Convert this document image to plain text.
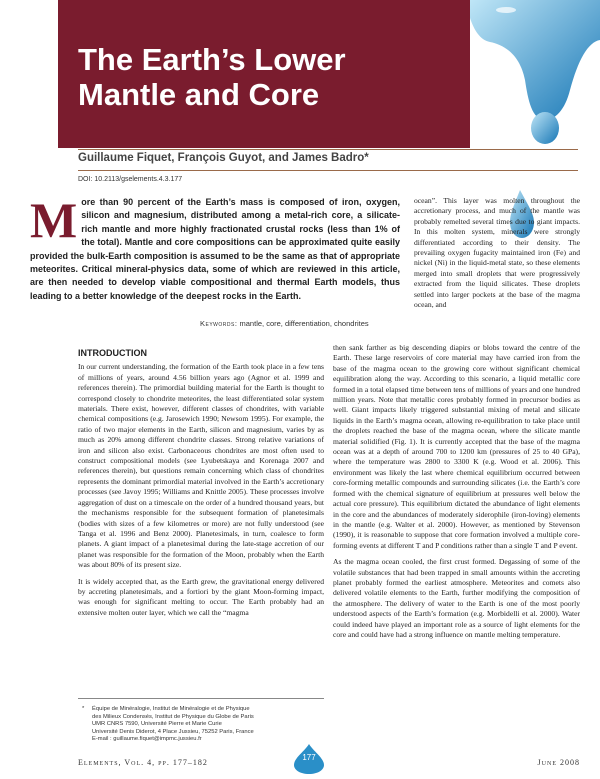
The Earth’s Lower
Mantle and Core
Guillaume Fiquet, François Guyot, and James Badro*
DOI: 10.2113/gselements.4.3.177
M ore than 90 percent of the Earth’s mass is composed of iron, oxygen, silicon and magnesium, distributed among a metal-rich core, a silicate-rich mantle and more highly fractionated crustal rocks (less than 1% of the total). Mantle and core compositions can be approximated quite easily provided the bulk-Earth composition is assumed to be the same as that of appropriate meteorites. Critical mineral-physics data, some of which are reviewed in this article, are then needed to develop viable compositional and thermal Earth models, thus leading to a better knowledge of the deepest rocks in the Earth.
Keywords: mantle, core, differentiation, chondrites

ocean”. This layer was molten throughout the accretionary process, and much of the mantle was probably remelted several times due to giant impacts. In this molten system, minerals were strongly differentiated according to their density. The prevailing oxygen fugacity maintained iron (Fe) and nickel (Ni) in the liquid-metal state, so these elements merged into small droplets that were progressively extracted from the liquid silicates. These droplets settled into larger pockets at the base of the magma ocean, and

INTRODUCTION

In our current understanding, the formation of the Earth took place in a few tens of millions of years, around 4.56 billion years ago (Agnor et al. 1999 and references therein). The primordial building material for the Earth is thought to correspond closely to chondrite meteorites, the least differentiated solar system materials. There exist, however, different classes of chondrites, with variable chemical compositions (e.g. Jarosewich 1990; Newsom 1995). For example, the ratio of two major elements in the Earth, silicon and magnesium, varies by as much as 20% among different chondrite classes. Strong relative variations of iron and silicon also exist. Carbonaceous chondrites are most often used to construct compositional models (see Lyubetskaya and Korenaga 2007 and references therein), but questions remain concerning which class of chondrites represents the dominant primordial material involved in the Earth’s accretionary processes (see Javoy 1995; Williams and Knittle 2005). These processes involve aggregation of dust on a timescale on the order of a hundred thousand years, but the mechanisms responsible for the subsequent formation of planetesimals (bodies with sizes of a few kilometres or more) are not fully understood (see Tanga et al. 1996 and Benz 2000). Planetesimals, in turn, coalesce to form planets. A giant impact of a planetesimal during the late-stage accretion of our planet was responsible for the formation of the Moon, probably when the Earth was about 80% of its present size.

It is widely accepted that, as the Earth grew, the gravitational energy delivered by accreting planetesimals, and a fortiori by the giant Moon-forming impact, was enough for significant melting to occur. The Earth probably had an extensive molten outer layer, which we call the “magma

then sank farther as big descending diapirs or blobs toward the centre of the Earth. These large reservoirs of core material may have carried iron from the base of the magma ocean to the growing core without significant chemical equilibration along the way. According to this scenario, a liquid metallic core formed in a total elapsed time between tens of millions of years and one hundred million years. Note that metallic cores probably formed in precursor bodies as well. Giant impacts likely triggered substantial mixing of metal and silicate liquids in the Earth’s magma ocean, allowing re-equilibration to take place until the droplets reached the base of the magma ocean, where the silicate mantle material solidified (Fig. 1). It is currently accepted that the base of the magma ocean was at a depth of around 700 to 1200 km (pressures of 25 to 40 GPa), where the temperature was 2800 to 3300 K (e.g. Wood et al. 2006). This environment was likely the last where chemical equilibrium occurred between core-forming metallic compounds and surrounding silicates (i.e. the Earth’s core formed with the chemical signature of equilibrium at pressures well below the actual core pressure). This equilibrium dictated the abundance of light elements in the core and the abundances of moderately siderophile (iron-loving) elements in the mantle (e.g. Walter et al. 2000). However, as mentioned by Stevenson (1990), it is reasonable to suppose that core formation involved a multiple core-forming events at different T and P conditions rather than a single T and P event.

As the magma ocean cooled, the first crust formed. Degassing of some of the volatile substances that had been trapped in small amounts within the accreting planet probably formed the earliest atmosphere. Meteorites and comets also delivered volatile elements to the Earth, further modifying the composition of the atmosphere. The delivery of water to the Earth is one of the most poorly understood aspects of the Earth’s formation (e.g. Morbidelli et al. 2000). Water could indeed have played an important role as a source of light elements for the core and could have had a strong influence on mantle melting temperature.

* Équipe de Minéralogie, Institut de Minéralogie et de Physique
des Milieux Condensés, Institut de Physique du Globe de Paris
UMR CNRS 7590, Université Pierre et Marie Curie
Université Denis Diderot, 4 Place Jussieu, 75252 Paris, France
E-mail : guillaume.fiquet@impmc.jussieu.fr
Elements, Vol. 4, pp. 177–182	June 2008
177
